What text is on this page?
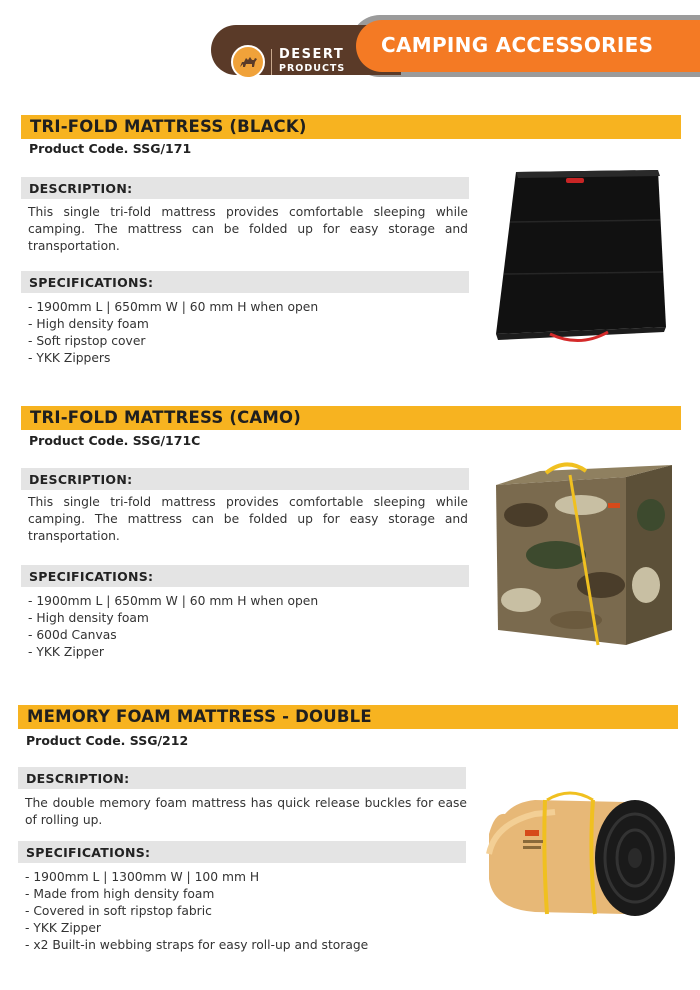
DESERT
PRODUCTS
CAMPING ACCESSORIES
TRI-FOLD MATTRESS (BLACK)
Product Code. SSG/171
DESCRIPTION:

This single tri-fold mattress provides comfortable sleeping while camping. The mattress can be folded up for easy storage and transportation.

SPECIFICATIONS:
- 1900mm L | 650mm W | 60 mm H when open
- High density foam
- Soft ripstop cover
- YKK Zippers
TRI-FOLD MATTRESS (CAMO)
Product Code. SSG/171C
DESCRIPTION:

This single tri-fold mattress provides comfortable sleeping while camping. The mattress can be folded up for easy storage and transportation.

SPECIFICATIONS:
- 1900mm L | 650mm W | 60 mm H when open
- High density foam
- 600d Canvas
- YKK Zipper
MEMORY FOAM MATTRESS - DOUBLE
Product Code. SSG/212
DESCRIPTION:

The double memory foam mattress has quick release buckles for ease of rolling up.

SPECIFICATIONS:
- 1900mm L | 1300mm W | 100 mm H
- Made from high density foam
- Covered in soft ripstop fabric
- YKK Zipper
- x2 Built-in webbing straps for easy roll-up and storage
